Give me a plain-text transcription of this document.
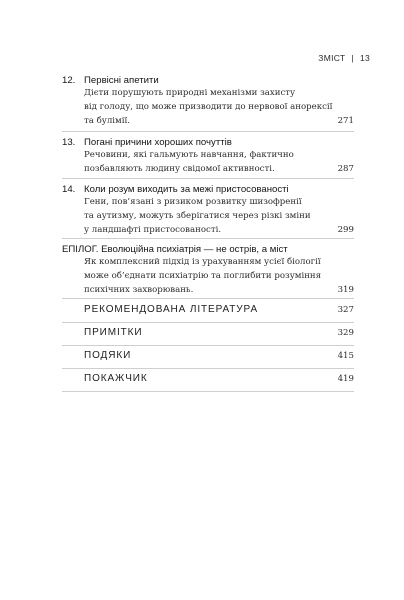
ЗМІСТ | 13
12. Первісні апетити
Дієти порушують природні механізми захисту
від голоду, що може призводити до нервової анорексії
та булімії.	271
13. Погані причини хороших почуттів
Речовини, які гальмують навчання, фактично
позбавляють людину свідомої активності.	287
14. Коли розум виходить за межі пристосованості
Гени, пов’язані з ризиком розвитку шизофренії
та аутизму, можуть зберігатися через різкі зміни
у ландшафті пристосованості.	299
ЕПІЛОГ. Еволюційна психіатрія — не острів, а міст
Як комплексний підхід із урахуванням усієї біології
може об’єднати психіатрію та поглибити розуміння
психічних захворювань.	319
РЕКОМЕНДОВАНА ЛІТЕРАТУРА	327
ПРИМІТКИ	329
ПОДЯКИ	415
ПОКАЖЧИК	419
